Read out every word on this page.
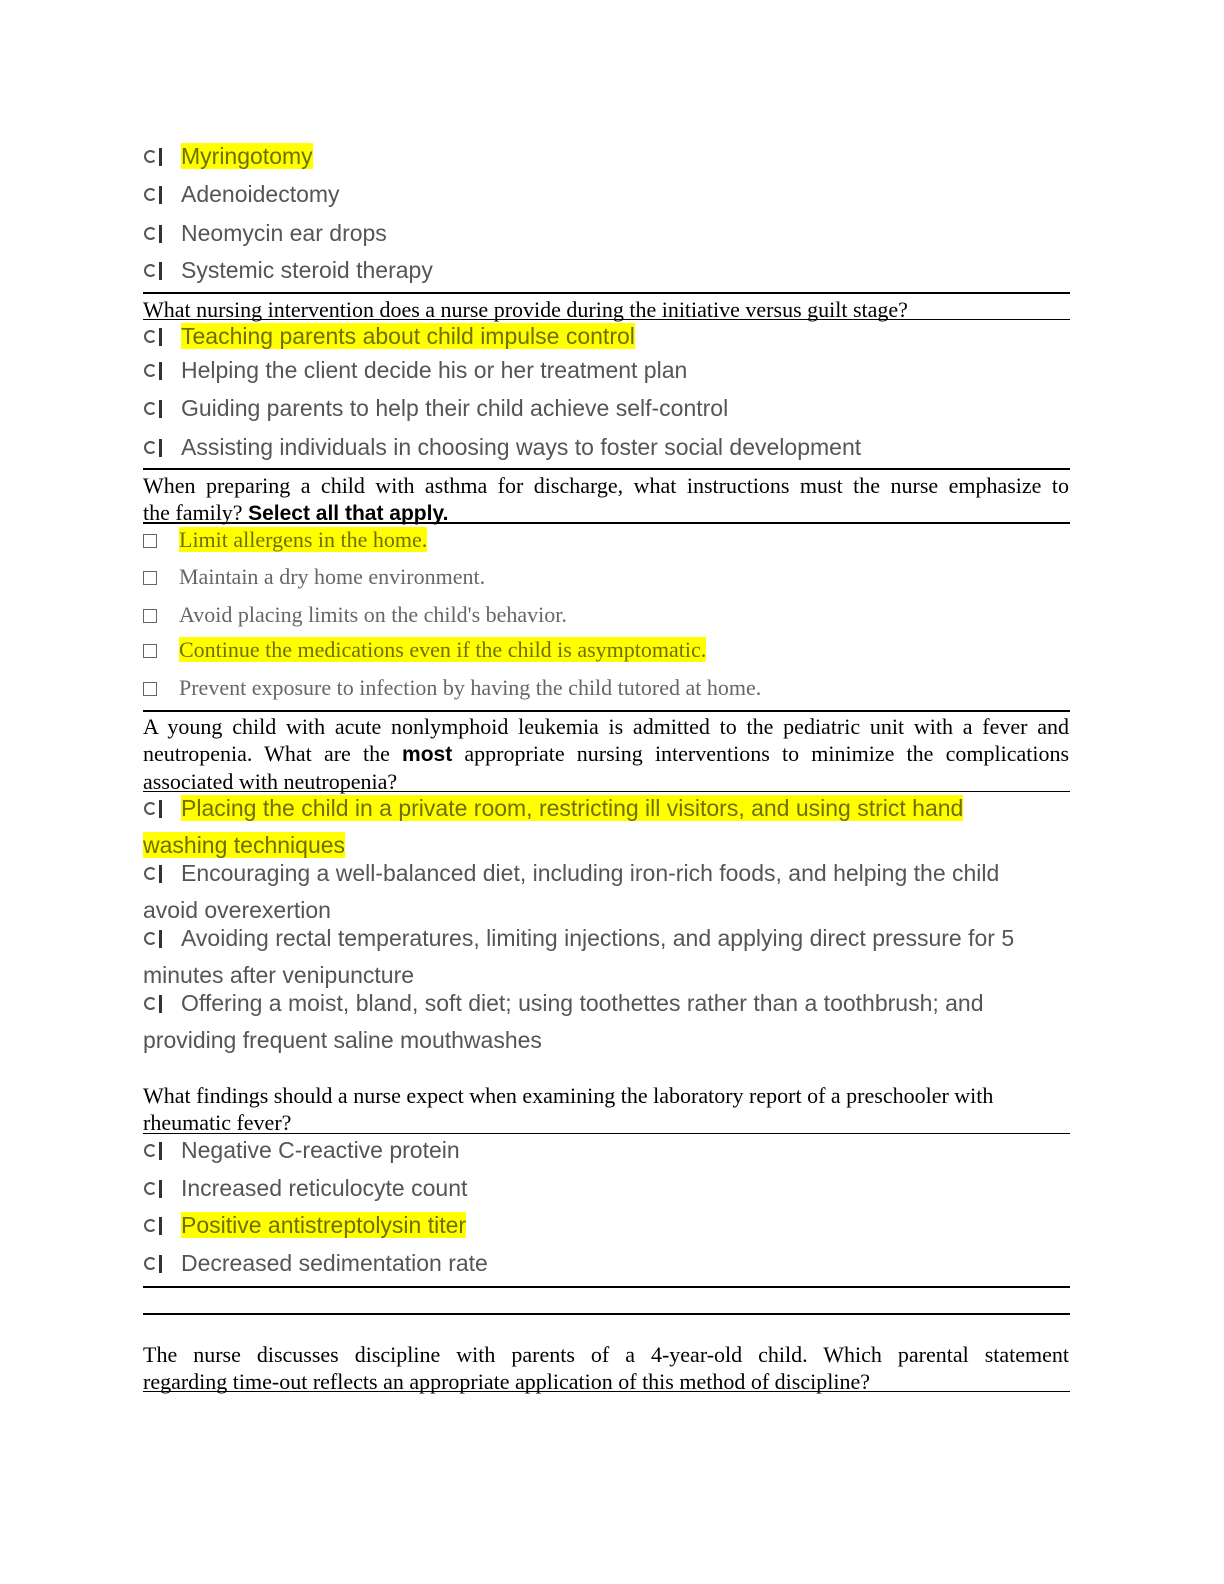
Myringotomy
Adenoidectomy
Neomycin ear drops
Systemic steroid therapy
What nursing intervention does a nurse provide during the initiative versus guilt stage?
Teaching parents about child impulse control
Helping the client decide his or her treatment plan
Guiding parents to help their child achieve self-control
Assisting individuals in choosing ways to foster social development
When preparing a child with asthma for discharge, what instructions must the nurse emphasize to
the family? Select all that apply.
Limit allergens in the home.
Maintain a dry home environment.
Avoid placing limits on the child's behavior.
Continue the medications even if the child is asymptomatic.
Prevent exposure to infection by having the child tutored at home.
A young child with acute nonlymphoid leukemia is admitted to the pediatric unit with a fever and
neutropenia. What are the most appropriate nursing interventions to minimize the complications
associated with neutropenia?
Placing the child in a private room, restricting ill visitors, and using strict hand
washing techniques
Encouraging a well-balanced diet, including iron-rich foods, and helping the child
avoid overexertion
Avoiding rectal temperatures, limiting injections, and applying direct pressure for 5
minutes after venipuncture
Offering a moist, bland, soft diet; using toothettes rather than a toothbrush; and
providing frequent saline mouthwashes
What findings should a nurse expect when examining the laboratory report of a preschooler with
rheumatic fever?
Negative C-reactive protein
Increased reticulocyte count
Positive antistreptolysin titer
Decreased sedimentation rate
The nurse discusses discipline with parents of a 4-year-old child. Which parental statement
regarding time-out reflects an appropriate application of this method of discipline?
